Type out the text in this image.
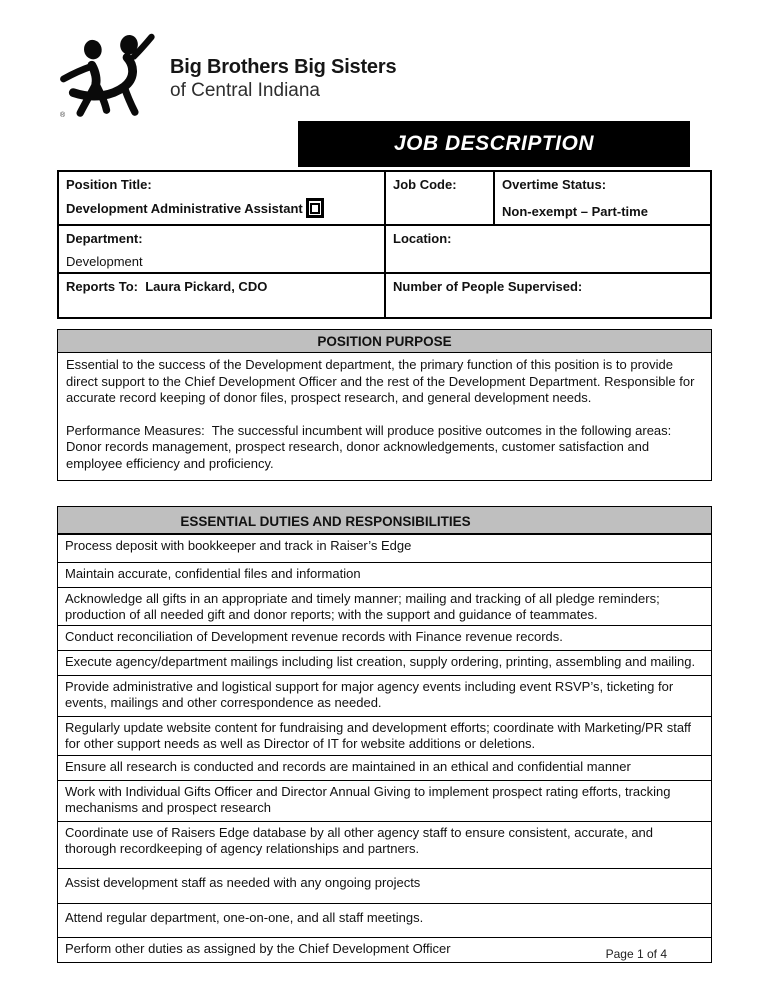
®
Big Brothers Big Sisters
of Central Indiana
JOB DESCRIPTION
Position Title:
Development Administrative Assistant
Job Code:	Overtime Status:
Non-exempt – Part-time
Department:
Development
Location:
Reports To: Laura Pickard, CDO	Number of People Supervised:
POSITION PURPOSE

Essential to the success of the Development department, the primary function of this position is to provide direct support to the Chief Development Officer and the rest of the Development Department. Responsible for accurate record keeping of donor files, prospect research, and general development needs.

Performance Measures:  The successful incumbent will produce positive outcomes in the following areas: Donor records management, prospect research, donor acknowledgements, customer satisfaction and employee efficiency and proficiency.

ESSENTIAL DUTIES AND RESPONSIBILITIES
Process deposit with bookkeeper and track in Raiser’s Edge
Maintain accurate, confidential files and information
Acknowledge all gifts in an appropriate and timely manner; mailing and tracking of all pledge reminders; production of all needed gift and donor reports; with the support and guidance of teammates.
Conduct reconciliation of Development revenue records with Finance revenue records.
Execute agency/department mailings including list creation, supply ordering, printing, assembling and mailing.
Provide administrative and logistical support for major agency events including event RSVP’s, ticketing for events, mailings and other correspondence as needed.
Regularly update website content for fundraising and development efforts; coordinate with Marketing/PR staff for other support needs as well as Director of IT for website additions or deletions.
Ensure all research is conducted and records are maintained in an ethical and confidential manner
Work with Individual Gifts Officer and Director Annual Giving to implement prospect rating efforts, tracking mechanisms and prospect research
Coordinate use of Raisers Edge database by all other agency staff to ensure consistent, accurate, and thorough recordkeeping of agency relationships and partners.
Assist development staff as needed with any ongoing projects
Attend regular department, one-on-one, and all staff meetings.
Perform other duties as assigned by the Chief Development Officer	Page 1 of 4
